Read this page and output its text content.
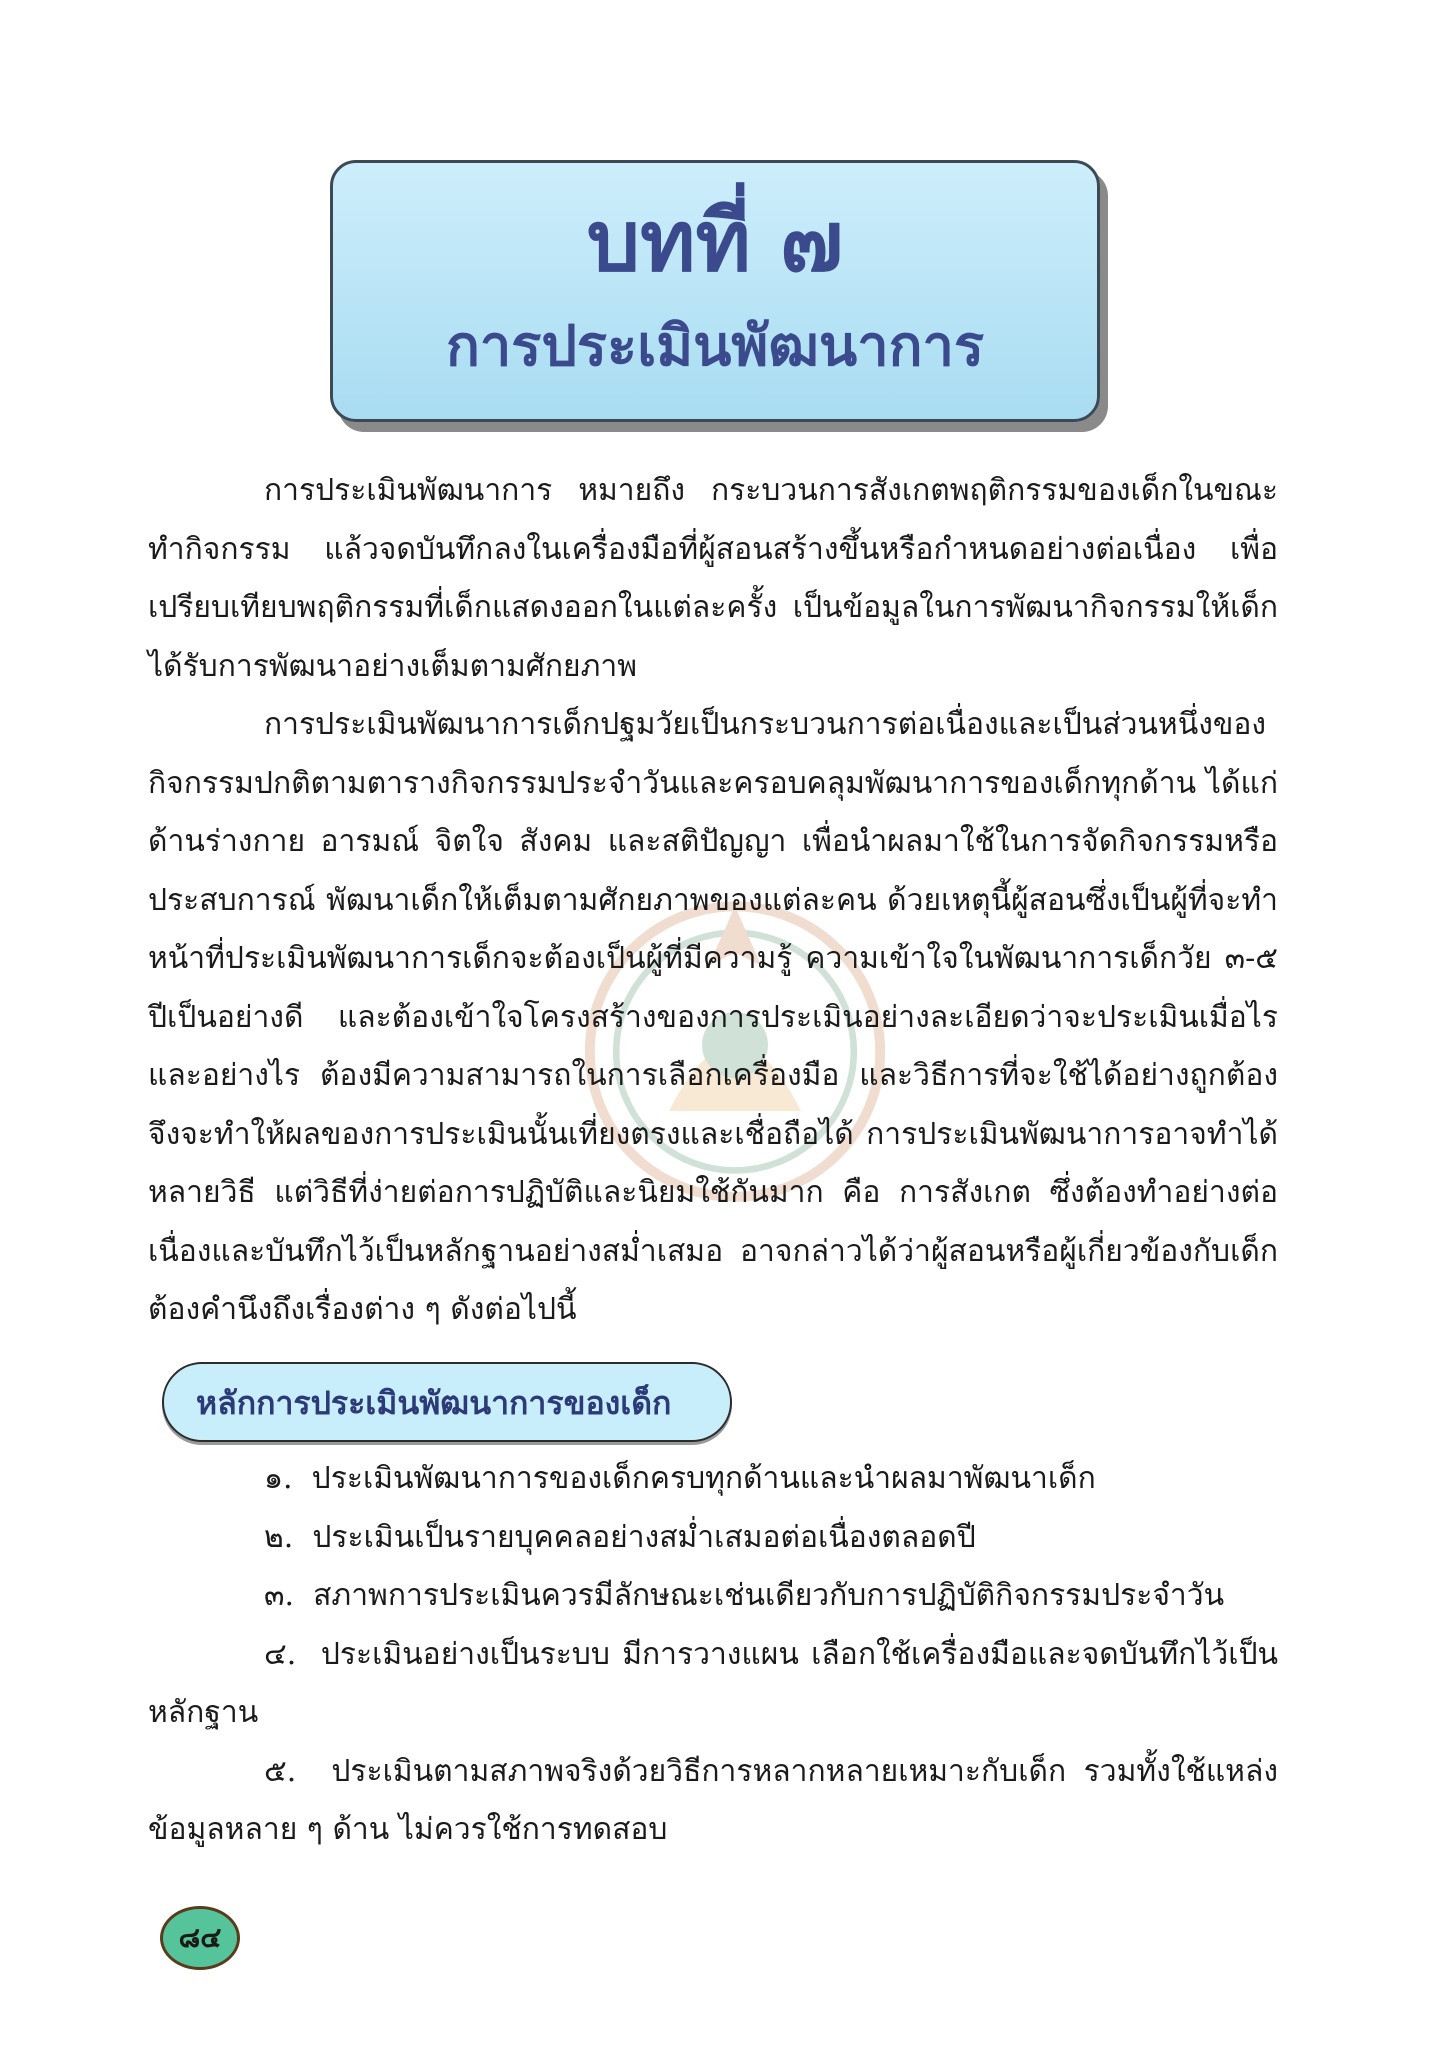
บทที่ ๗
การประเมินพัฒนาการ

การประเมินพัฒนาการ หมายถึง กระบวนการสังเกตพฤติกรรมของเด็กในขณะทำกิจกรรม แล้วจดบันทึกลงในเครื่องมือที่ผู้สอนสร้างขึ้นหรือกำหนดอย่างต่อเนื่อง เพื่อเปรียบเทียบพฤติกรรมที่เด็กแสดงออกในแต่ละครั้ง เป็นข้อมูลในการพัฒนากิจกรรมให้เด็กได้รับการพัฒนาอย่างเต็มตามศักยภาพ

การประเมินพัฒนาการเด็กปฐมวัยเป็นกระบวนการต่อเนื่องและเป็นส่วนหนึ่งของกิจกรรมปกติตามตารางกิจกรรมประจำวันและครอบคลุมพัฒนาการของเด็กทุกด้าน ได้แก่ ด้านร่างกาย อารมณ์ จิตใจ สังคม และสติปัญญา เพื่อนำผลมาใช้ในการจัดกิจกรรมหรือประสบการณ์ พัฒนาเด็กให้เต็มตามศักยภาพของแต่ละคน ด้วยเหตุนี้ผู้สอนซึ่งเป็นผู้ที่จะทำหน้าที่ประเมินพัฒนาการเด็กจะต้องเป็นผู้ที่มีความรู้ ความเข้าใจในพัฒนาการเด็กวัย ๓-๕ ปีเป็นอย่างดี และต้องเข้าใจโครงสร้างของการประเมินอย่างละเอียดว่าจะประเมินเมื่อไรและอย่างไร ต้องมีความสามารถในการเลือกเครื่องมือ และวิธีการที่จะใช้ได้อย่างถูกต้อง จึงจะทำให้ผลของการประเมินนั้นเที่ยงตรงและเชื่อถือได้ การประเมินพัฒนาการอาจทำได้หลายวิธี แต่วิธีที่ง่ายต่อการปฏิบัติและนิยมใช้กันมาก คือ การสังเกต ซึ่งต้องทำอย่างต่อเนื่องและบันทึกไว้เป็นหลักฐานอย่างสม่ำเสมอ อาจกล่าวได้ว่าผู้สอนหรือผู้เกี่ยวข้องกับเด็กต้องคำนึงถึงเรื่องต่าง ๆ ดังต่อไปนี้

หลักการประเมินพัฒนาการของเด็ก
๑. ประเมินพัฒนาการของเด็กครบทุกด้านและนำผลมาพัฒนาเด็ก
๒. ประเมินเป็นรายบุคคลอย่างสม่ำเสมอต่อเนื่องตลอดปี
๓. สภาพการประเมินควรมีลักษณะเช่นเดียวกับการปฏิบัติกิจกรรมประจำวัน
๔. ประเมินอย่างเป็นระบบ มีการวางแผน เลือกใช้เครื่องมือและจดบันทึกไว้เป็นหลักฐาน
๕. ประเมินตามสภาพจริงด้วยวิธีการหลากหลายเหมาะกับเด็ก รวมทั้งใช้แหล่งข้อมูลหลาย ๆ ด้าน ไม่ควรใช้การทดสอบ
๘๔
